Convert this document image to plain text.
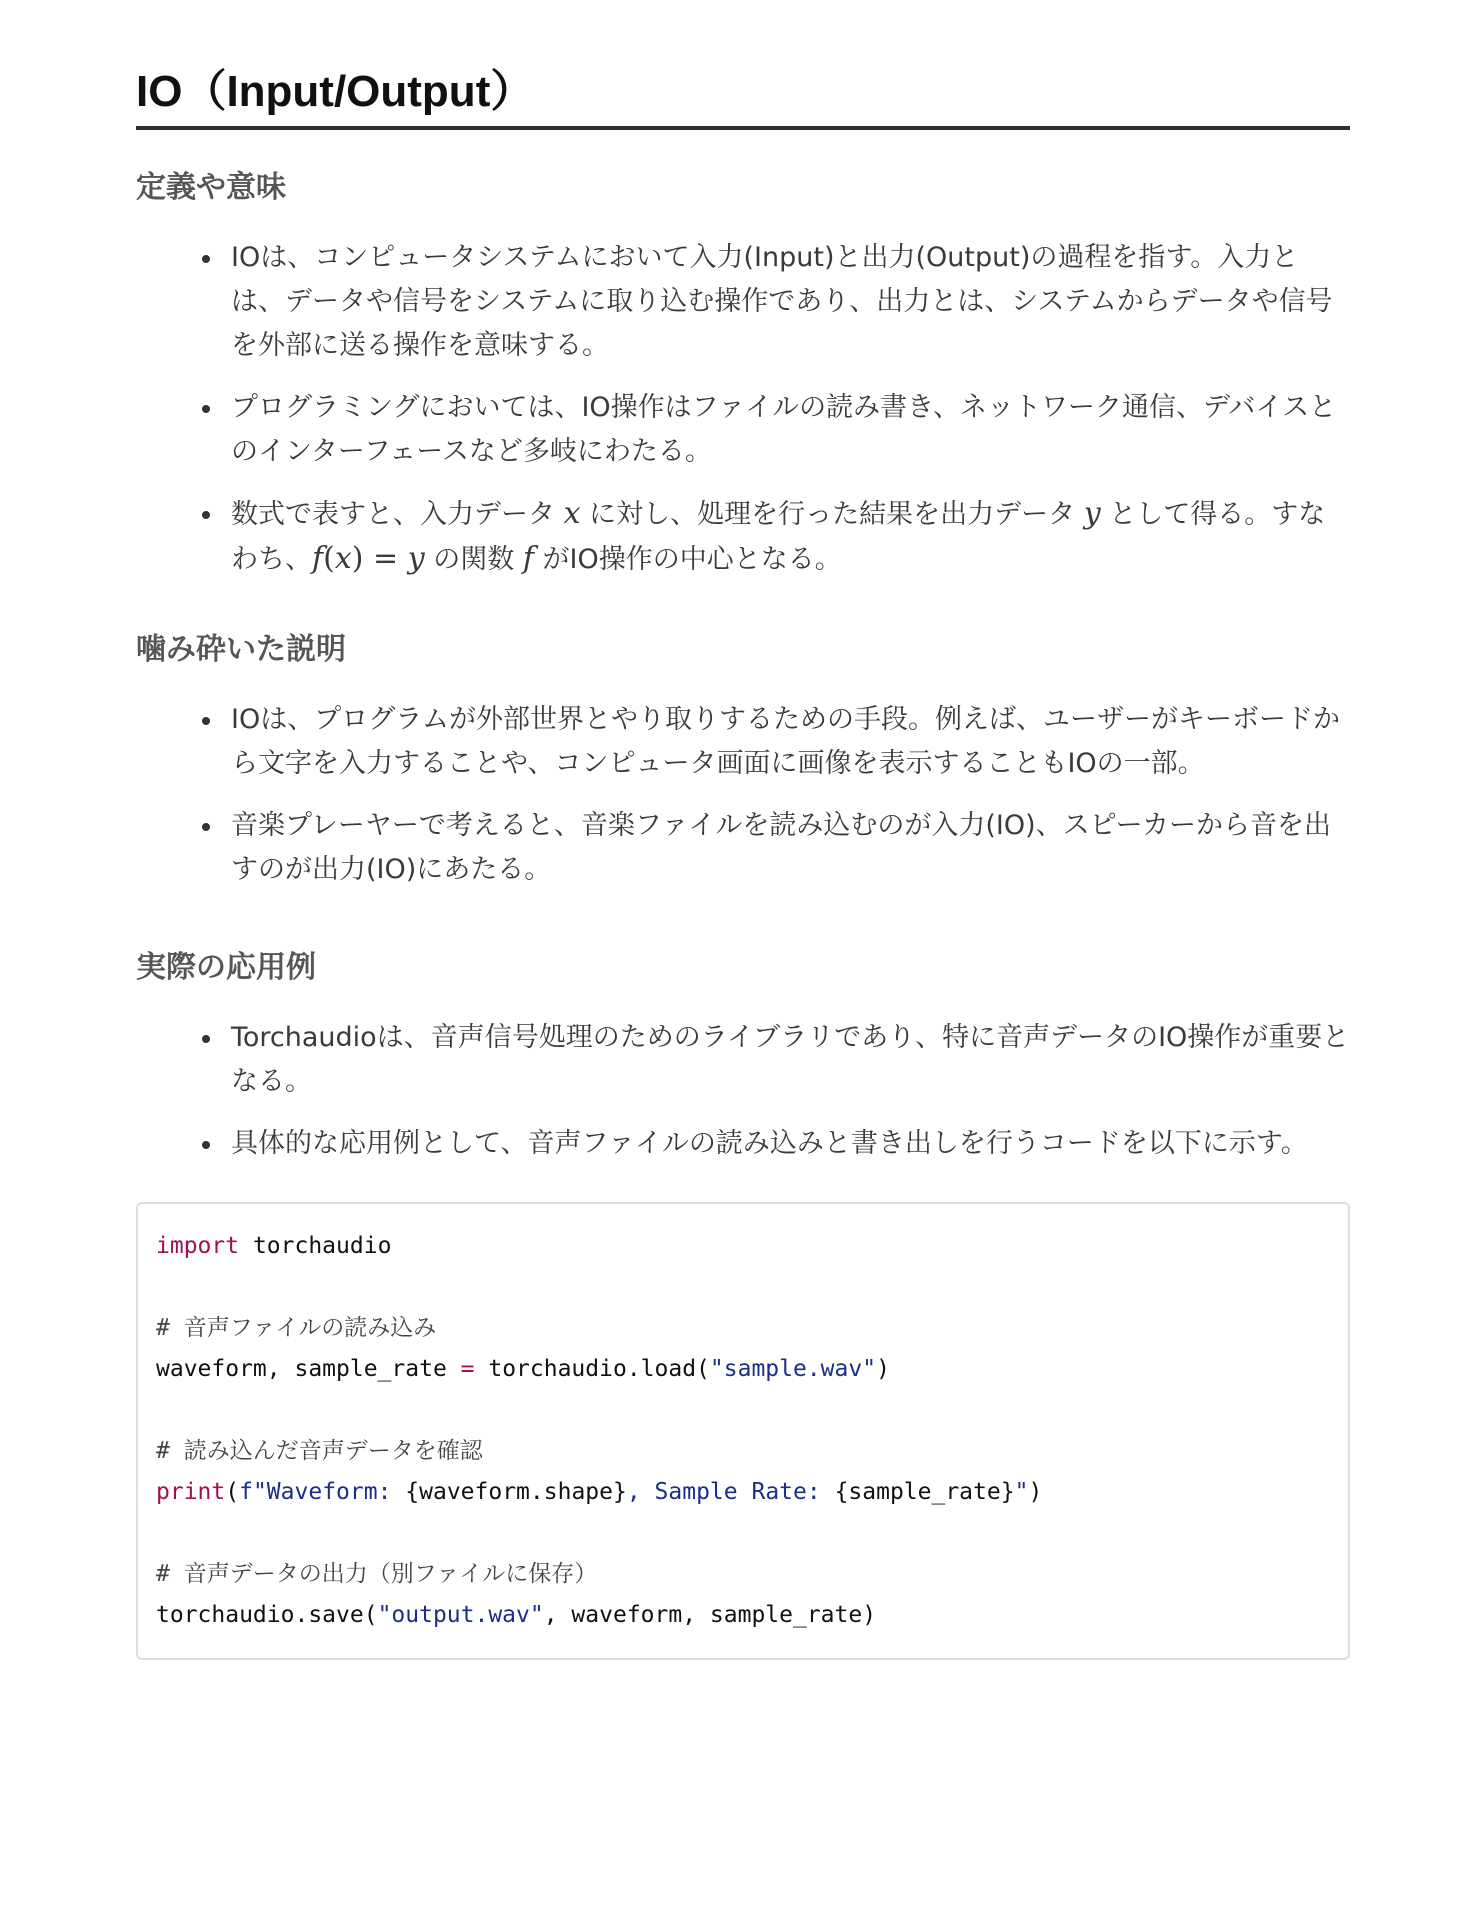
IO（Input/Output）
定義や意味
IOは、コンピュータシステムにおいて入力(Input)と出力(Output)の過程を指す。入力とは、データや信号をシステムに取り込む操作であり、出力とは、システムからデータや信号を外部に送る操作を意味する。
プログラミングにおいては、IO操作はファイルの読み書き、ネットワーク通信、デバイスとのインターフェースなど多岐にわたる。
数式で表すと、入力データ x に対し、処理を行った結果を出力データ y として得る。すなわち、f(x) = y の関数 f がIO操作の中心となる。
噛み砕いた説明
IOは、プログラムが外部世界とやり取りするための手段。例えば、ユーザーがキーボードから文字を入力することや、コンピュータ画面に画像を表示することもIOの一部。
音楽プレーヤーで考えると、音楽ファイルを読み込むのが入力(IO)、スピーカーから音を出すのが出力(IO)にあたる。
実際の応用例
Torchaudioは、音声信号処理のためのライブラリであり、特に音声データのIO操作が重要となる。
具体的な応用例として、音声ファイルの読み込みと書き出しを行うコードを以下に示す。
import torchaudio
# 音声ファイルの読み込み
waveform, sample_rate = torchaudio.load("sample.wav")
# 読み込んだ音声データを確認
print(f"Waveform: {waveform.shape}, Sample Rate: {sample_rate}")
# 音声データの出力（別ファイルに保存）
torchaudio.save("output.wav", waveform, sample_rate)
